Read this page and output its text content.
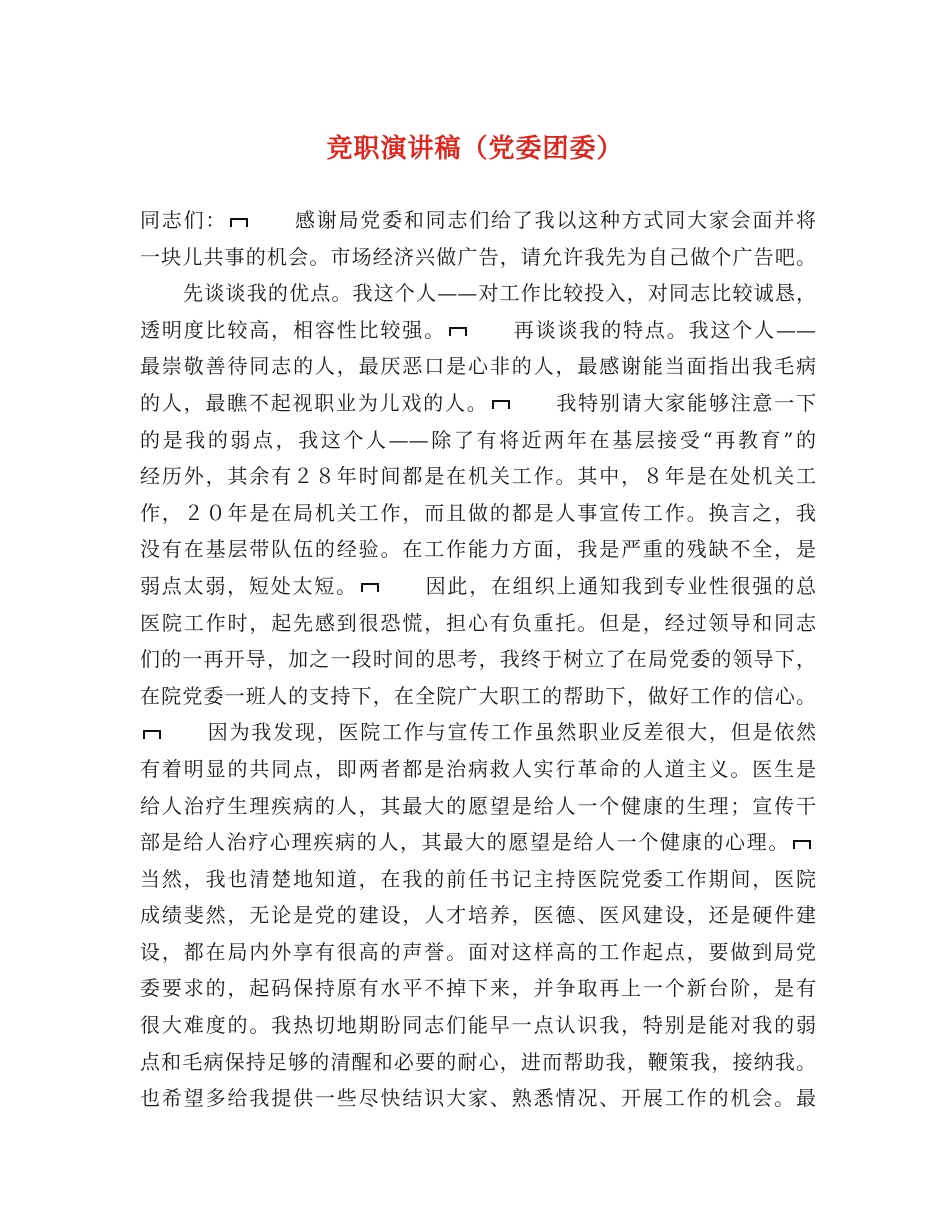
竞职演讲稿（党委团委）
同志们：	感谢局党委和同志们给了我以这种方式同大家会面并将
一块儿共事的机会。市场经济兴做广告，请允许我先为自己做个广告吧。
先谈谈我的优点。我这个人——对工作比较投入，对同志比较诚恳，
透明度比较高，相容性比较强。	再谈谈我的特点。我这个人——
最崇敬善待同志的人，最厌恶口是心非的人，最感谢能当面指出我毛病
的人，最瞧不起视职业为儿戏的人。	我特别请大家能够注意一下
的是我的弱点，我这个人——除了有将近两年在基层接受“再教育”的
经历外，其余有２８年时间都是在机关工作。其中，８年是在处机关工
作，２０年是在局机关工作，而且做的都是人事宣传工作。换言之，我
没有在基层带队伍的经验。在工作能力方面，我是严重的残缺不全，是
弱点太弱，短处太短。	因此，在组织上通知我到专业性很强的总
医院工作时，起先感到很恐慌，担心有负重托。但是，经过领导和同志
们的一再开导，加之一段时间的思考，我终于树立了在局党委的领导下，
在院党委一班人的支持下，在全院广大职工的帮助下，做好工作的信心。
因为我发现，医院工作与宣传工作虽然职业反差很大，但是依然
有着明显的共同点，即两者都是治病救人实行革命的人道主义。医生是
给人治疗生理疾病的人，其最大的愿望是给人一个健康的生理；宣传干
部是给人治疗心理疾病的人，其最大的愿望是给人一个健康的心理。
当然，我也清楚地知道，在我的前任书记主持医院党委工作期间，医院
成绩斐然，无论是党的建设，人才培养，医德、医风建设，还是硬件建
设，都在局内外享有很高的声誉。面对这样高的工作起点，要做到局党
委要求的，起码保持原有水平不掉下来，并争取再上一个新台阶，是有
很大难度的。我热切地期盼同志们能早一点认识我，特别是能对我的弱
点和毛病保持足够的清醒和必要的耐心，进而帮助我，鞭策我，接纳我。
也希望多给我提供一些尽快结识大家、熟悉情况、开展工作的机会。最
